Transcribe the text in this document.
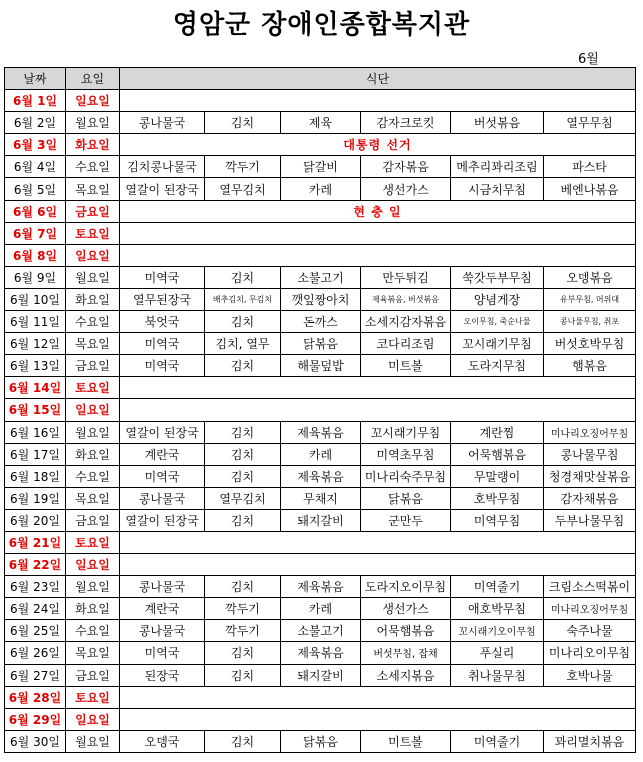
영암군 장애인종합복지관
6월
날짜	요일	식단					
6월 1일	일요일						
6월 2일	월요일	콩나물국	김치	제육	감자크로킷	버섯볶음	열무무침
6월 3일	화요일	대통령 선거					
6월 4일	수요일	김치콩나물국	깍두기	닭갈비	감자볶음	메추리꽈리조림	파스타
6월 5일	목요일	열갈이 된장국	열무김치	카레	생선가스	시금치무침	베엔나볶음
6월 6일	금요일	현 충 일					
6월 7일	토요일						
6월 8일	일요일						
6월 9일	월요일	미역국	김치	소불고기	만두튀김	쑥갓두부무침	오뎅볶음
6월 10일	화요일	열무된장국	배추김치, 무김치	깻잎짱아치	제육볶음, 버섯볶음	양념게장	유부무침, 머위대
6월 11일	수요일	북엇국	김치	돈까스	소세지감자볶음	오이무침, 죽순나물	콩나물무침, 취포
6월 12일	목요일	미역국	김치, 열무	닭볶음	코다리조림	꼬시래기무침	버섯호박무침
6월 13일	금요일	미역국	김치	해물덮밥	미트볼	도라지무침	햄볶음
6월 14일	토요일						
6월 15일	일요일						
6월 16일	월요일	열갈이 된장국	김치	제육볶음	꼬시래기무침	계란찜	미나리오징어무침
6월 17일	화요일	계란국	김치	카레	미역초무침	어묵햄볶음	콩나물무침
6월 18일	수요일	미역국	김치	제육볶음	미나리숙주무침	무말랭이	청경채맛살볶음
6월 19일	목요일	콩나물국	열무김치	무채지	닭볶음	호박무침	감자채볶음
6월 20일	금요일	열갈이 된장국	김치	돼지갈비	군만두	미역무침	두부나물무침
6월 21일	토요일						
6월 22일	일요일						
6월 23일	월요일	콩나물국	김치	제육볶음	도라지오이무침	미역줄기	크림소스떡볶이
6월 24일	화요일	계란국	깍두기	카레	생선가스	애호박무침	미나리오징어무침
6월 25일	수요일	콩나물국	깍두기	소불고기	어묵햄볶음	꼬시래기오이무침	숙주나물
6월 26일	목요일	미역국	김치	제육볶음	버섯무침, 잡채	푸실리	미나리오이무침
6월 27일	금요일	된장국	김치	돼지갈비	소세지볶음	취나물무침	호박나물
6월 28일	토요일						
6월 29일	일요일						
6월 30일	월요일	오뎅국	김치	닭볶음	미트볼	미역줄기	꽈리멸치볶음
